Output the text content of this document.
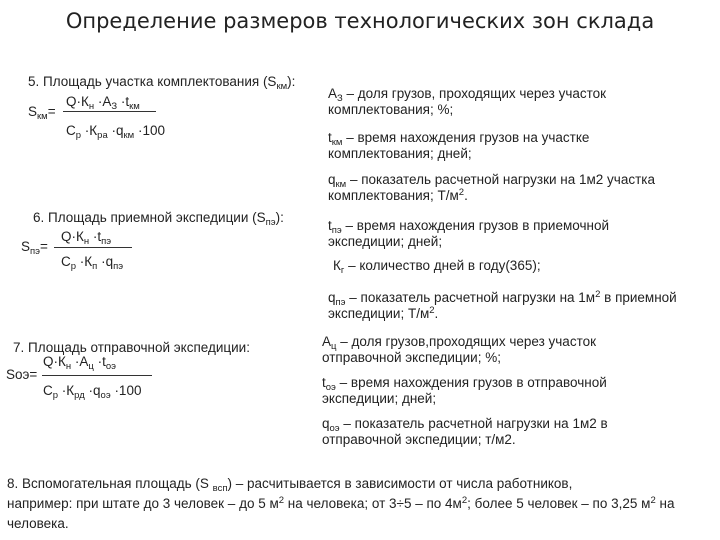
Определение размеров технологических зон склада
5. Площадь участка комплектования $(S_{км})$:
$Q\cdot К_н \cdot А_З \cdot t_{км}$
$S_{км}=$
$С_р \cdot К_{ра} \cdot q_{км} \cdot 100$
$А_З$ – доля грузов, проходящих через участок
комплектования; %;
$t_{км}$ – время нахождения грузов на участке
комплектования; дней;
$q_{км}$ – показатель расчетной нагрузки на 1м2 участка
комплектования; $Т/м^2$.
6. Площадь приемной экспедиции $(S_{пэ})$:
$Q\cdot К_н \cdot t_{пэ}$
$S_{пэ}=$
$С_р \cdot К_п \cdot q_{пэ}$
$t_{пэ}$ – время нахождения грузов в приемочной
экспедиции; дней;
$К_г$ – количество дней в году(365);
$q_{пэ}$ – показатель расчетной нагрузки на $1м^2$ в приемной
экспедиции; $Т/м^2$.
7. Площадь отправочной экспедиции:
$Q\cdot К_н \cdot А_ц \cdot t_{оэ}$
Sоэ=
$С_р \cdot К_{рд} \cdot q_{оэ} \cdot 100$
$А_ц$ – доля грузов,проходящих через участок
отправочной экспедиции; %;
$t_{оэ}$ – время нахождения грузов в отправочной
экспедиции; дней;
$q_{оэ}$ – показатель расчетной нагрузки на 1м2 в
отправочной экспедиции; т/м2.
8. Вспомогательная площадь (S $_{всп}$) – расчитывается в зависимости от числа работников,
например: при штате до 3 человек – до 5 $м^2$ на человека; от 3÷5 – по $4м^2$; более 5 человек – по 3,25 $м^2$ на
человека.
